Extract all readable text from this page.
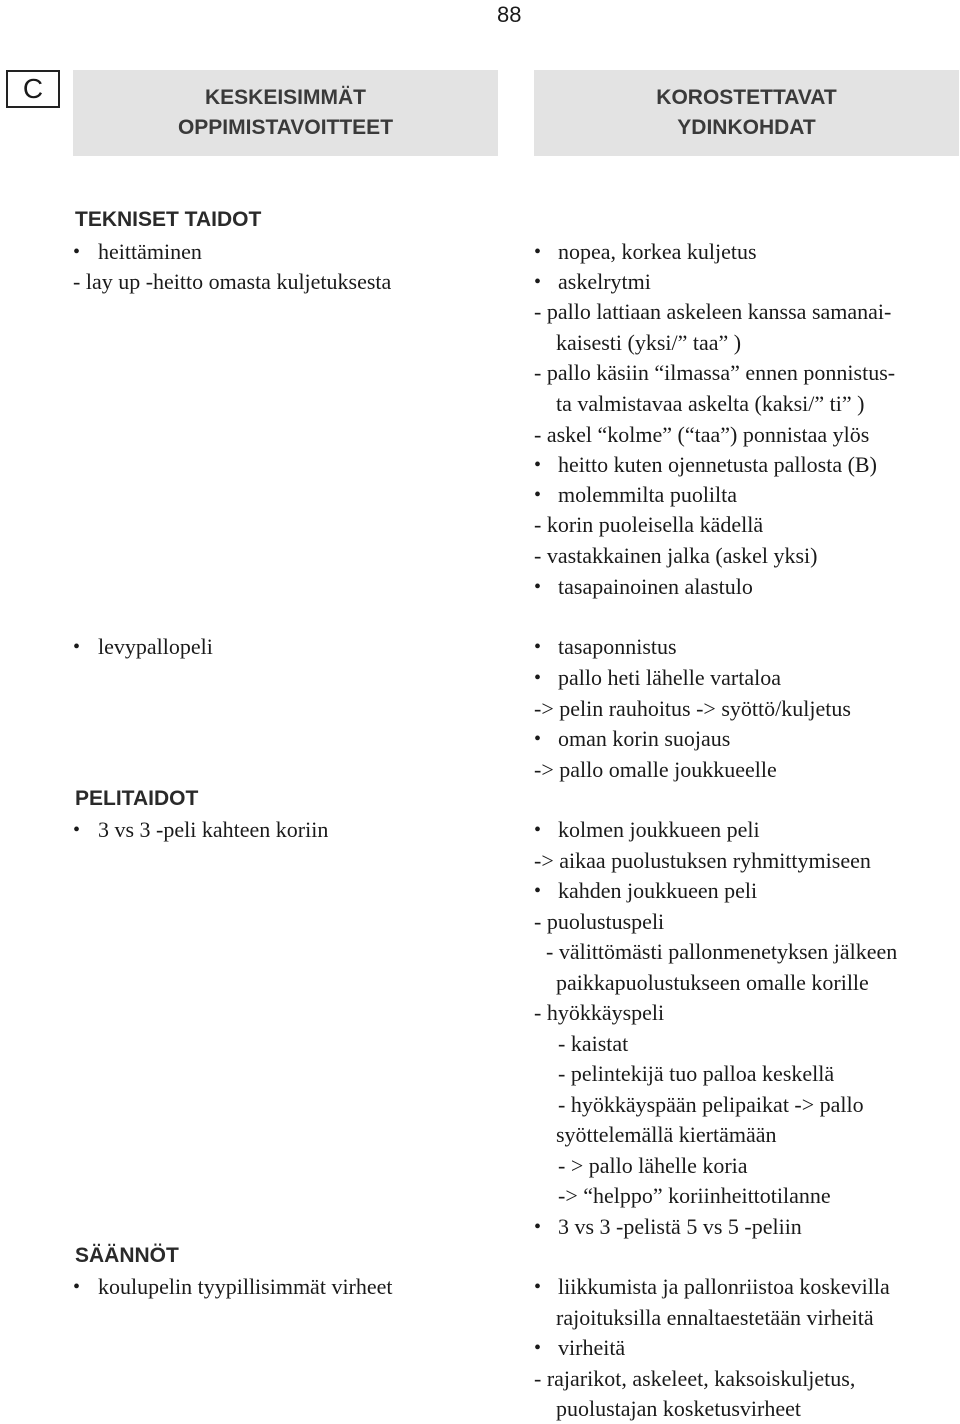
88
C	KESKEISIMMÄT
OPPIMISTAVOITTEET
KOROSTETTAVAT
YDINKOHDAT
TEKNISET TAIDOT
• heittäminen
- lay up -heitto omasta kuljetuksesta
• levypallopeli
PELITAIDOT
• 3 vs 3 -peli kahteen koriin
SÄÄNNÖT
• koulupelin tyypillisimmät virheet
• nopea, korkea kuljetus
• askelrytmi
- pallo lattiaan askeleen kanssa samanai-
kaisesti (yksi/” taa” )
- pallo käsiin “ilmassa” ennen ponnistus-
ta valmistavaa askelta (kaksi/” ti” )
- askel “kolme” (“taa”) ponnistaa ylös
• heitto kuten ojennetusta pallosta (B)
• molemmilta puolilta
- korin puoleisella kädellä
- vastakkainen jalka (askel yksi)
• tasapainoinen alastulo
• tasaponnistus
• pallo heti lähelle vartaloa
-> pelin rauhoitus -> syöttö/kuljetus
• oman korin suojaus
-> pallo omalle joukkueelle
• kolmen joukkueen peli
-> aikaa puolustuksen ryhmittymiseen
• kahden joukkueen peli
- puolustuspeli
- välittömästi pallonmenetyksen jälkeen
paikkapuolustukseen omalle korille
- hyökkäyspeli
- kaistat
- pelintekijä tuo palloa keskellä
- hyökkäyspään pelipaikat -> pallo
syöttelemällä kiertämään
- > pallo lähelle koria
-> “helppo” koriinheittotilanne
• 3 vs 3 -pelistä 5 vs 5 -peliin
• liikkumista ja pallonriistoa koskevilla
rajoituksilla ennaltaestetään virheitä
• virheitä
- rajarikot, askeleet, kaksoiskuljetus,
puolustajan kosketusvirheet
